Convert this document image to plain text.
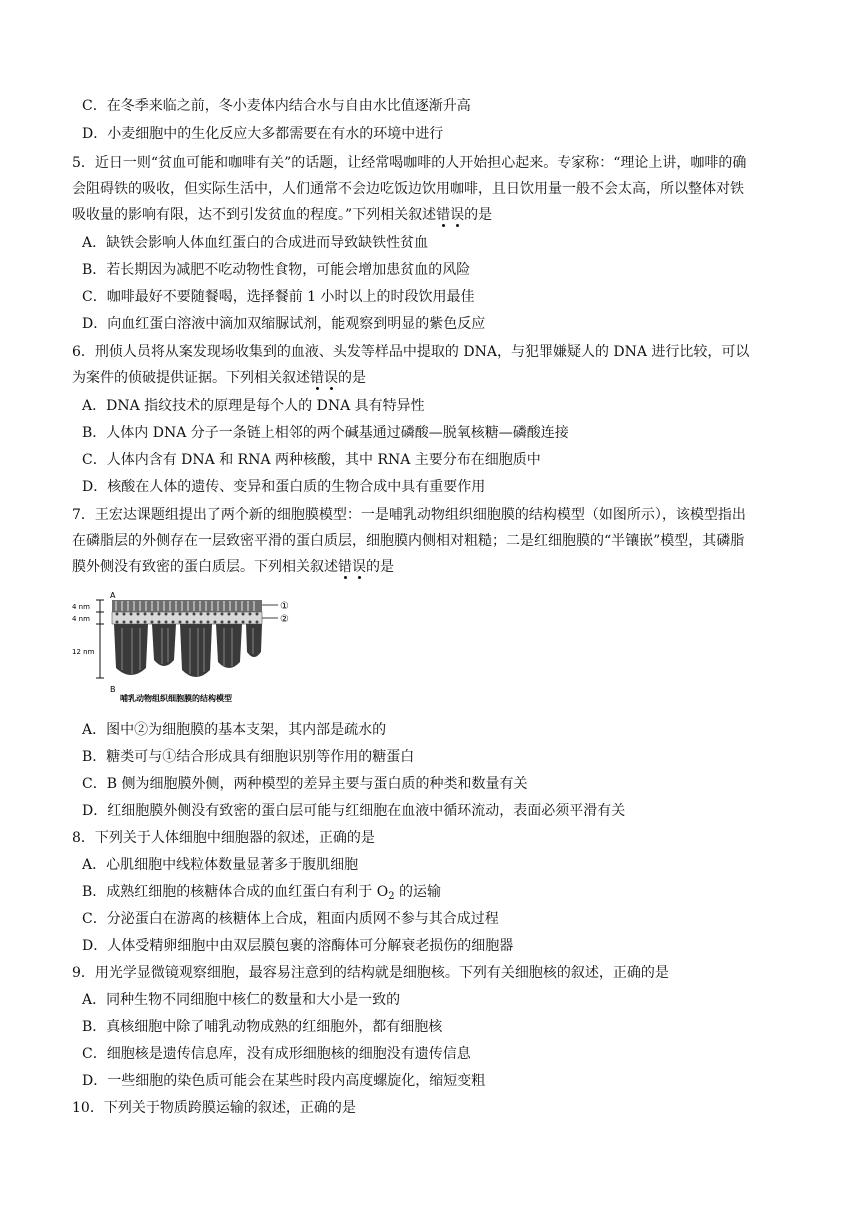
C．在冬季来临之前，冬小麦体内结合水与自由水比值逐渐升高
D．小麦细胞中的生化反应大多都需要在有水的环境中进行
5．近日一则“贫血可能和咖啡有关”的话题，让经常喝咖啡的人开始担心起来。专家称：“理论上讲，咖啡的确
会阻碍铁的吸收，但实际生活中，人们通常不会边吃饭边饮用咖啡，且日饮用量一般不会太高，所以整体对铁
吸收量的影响有限，达不到引发贫血的程度。”下列相关叙述错误的是
A．缺铁会影响人体血红蛋白的合成进而导致缺铁性贫血
B．若长期因为减肥不吃动物性食物，可能会增加患贫血的风险
C．咖啡最好不要随餐喝，选择餐前 1 小时以上的时段饮用最佳
D．向血红蛋白溶液中滴加双缩脲试剂，能观察到明显的紫色反应
6．刑侦人员将从案发现场收集到的血液、头发等样品中提取的 DNA，与犯罪嫌疑人的 DNA 进行比较，可以
为案件的侦破提供证据。下列相关叙述错误的是
A．DNA 指纹技术的原理是每个人的 DNA 具有特异性
B．人体内 DNA 分子一条链上相邻的两个碱基通过磷酸—脱氧核糖—磷酸连接
C．人体内含有 DNA 和 RNA 两种核酸，其中 RNA 主要分布在细胞质中
D．核酸在人体的遗传、变异和蛋白质的生物合成中具有重要作用
7．王宏达课题组提出了两个新的细胞膜模型：一是哺乳动物组织细胞膜的结构模型（如图所示），该模型指出
在磷脂层的外侧存在一层致密平滑的蛋白质层，细胞膜内侧相对粗糙；二是红细胞膜的“半镶嵌”模型，其磷脂
膜外侧没有致密的蛋白质层。下列相关叙述错误的是
4 nm
4 nm
12 nm
A
B
①
②
哺乳动物组织细胞膜的结构模型
A．图中②为细胞膜的基本支架，其内部是疏水的
B．糖类可与①结合形成具有细胞识别等作用的糖蛋白
C．B 侧为细胞膜外侧，两种模型的差异主要与蛋白质的种类和数量有关
D．红细胞膜外侧没有致密的蛋白层可能与红细胞在血液中循环流动，表面必须平滑有关
8．下列关于人体细胞中细胞器的叙述，正确的是
A．心肌细胞中线粒体数量显著多于腹肌细胞
B．成熟红细胞的核糖体合成的血红蛋白有利于 $O_2$ 的运输
C．分泌蛋白在游离的核糖体上合成，粗面内质网不参与其合成过程
D．人体受精卵细胞中由双层膜包裹的溶酶体可分解衰老损伤的细胞器
9．用光学显微镜观察细胞，最容易注意到的结构就是细胞核。下列有关细胞核的叙述，正确的是
A．同种生物不同细胞中核仁的数量和大小是一致的
B．真核细胞中除了哺乳动物成熟的红细胞外，都有细胞核
C．细胞核是遗传信息库，没有成形细胞核的细胞没有遗传信息
D．一些细胞的染色质可能会在某些时段内高度螺旋化，缩短变粗
10．下列关于物质跨膜运输的叙述，正确的是
